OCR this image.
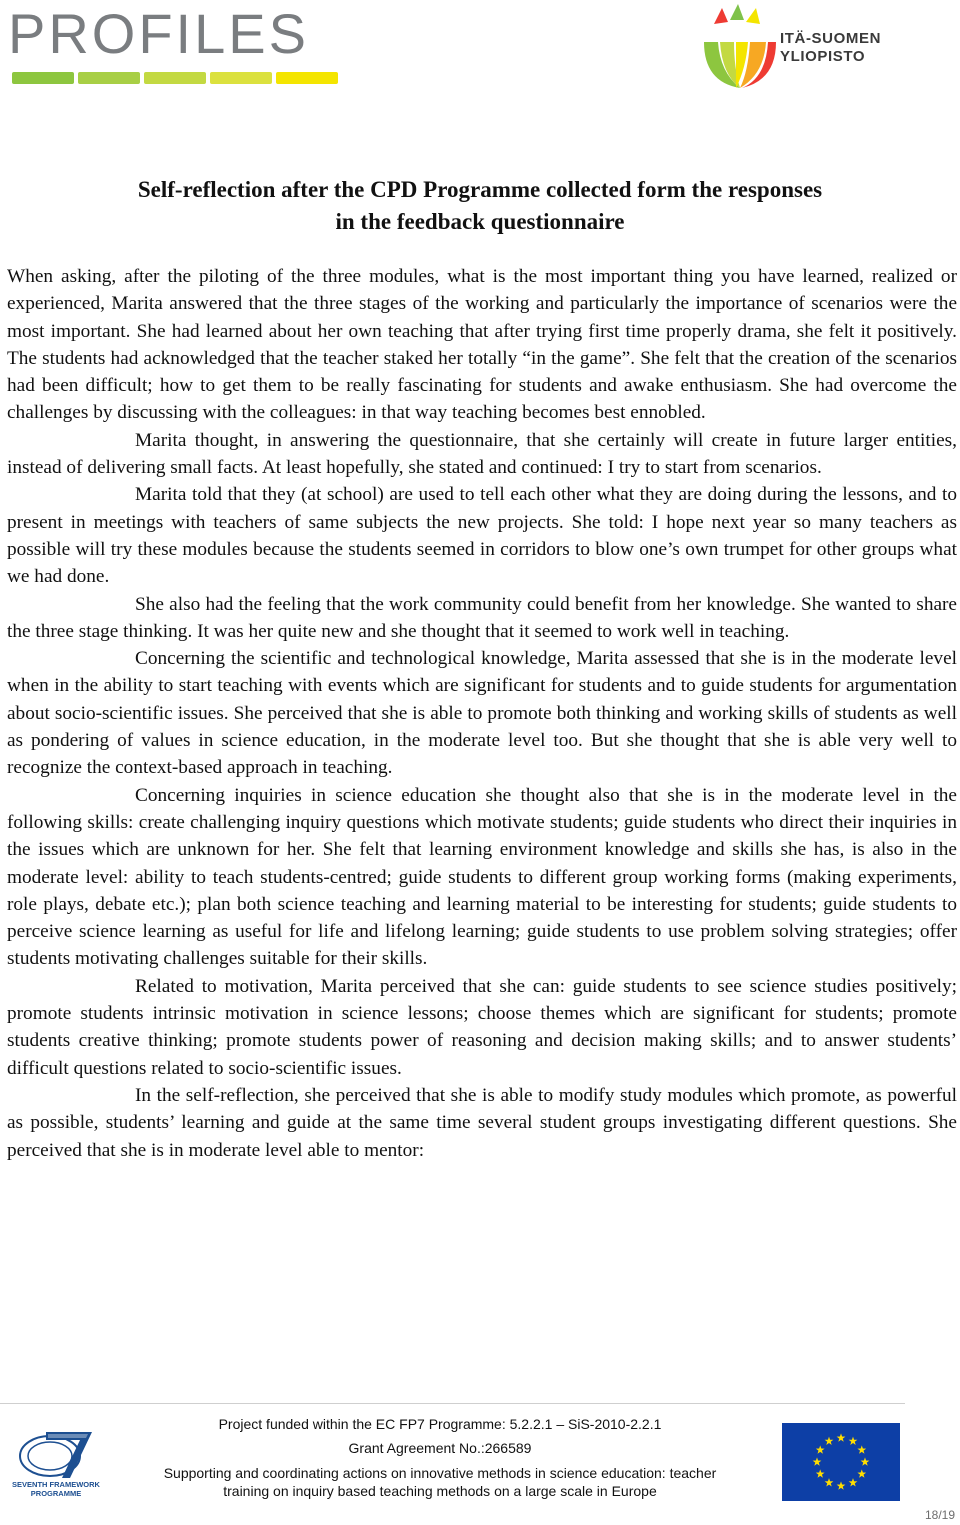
PROFILES	ITÄ-SUOMEN
YLIOPISTO
Self-reflection after the CPD Programme collected form the responses
in the feedback questionnaire

When asking, after the piloting of the three modules, what is the most important thing you have learned, realized or experienced, Marita answered that the three stages of the working and particularly the importance of scenarios were the most important. She had learned about her own teaching that after trying first time properly drama, she felt it positively. The students had acknowledged that the teacher staked her totally “in the game”. She felt that the creation of the scenarios had been difficult; how to get them to be really fascinating for students and awake enthusiasm. She had overcome the challenges by discussing with the colleagues: in that way teaching becomes best ennobled.

Marita thought, in answering the questionnaire, that she certainly will create in future larger entities, instead of delivering small facts. At least hopefully, she stated and continued: I try to start from scenarios.

Marita told that they (at school) are used to tell each other what they are doing during the lessons, and to present in meetings with teachers of same subjects the new projects. She told: I hope next year so many teachers as possible will try these modules because the students seemed in corridors to blow one’s own trumpet for other groups what we had done.

She also had the feeling that the work community could benefit from her knowledge. She wanted to share the three stage thinking. It was her quite new and she thought that it seemed to work well in teaching.

Concerning the scientific and technological knowledge, Marita assessed that she is in the moderate level when in the ability to start teaching with events which are significant for students and to guide students for argumentation about socio-scientific issues. She perceived that she is able to promote both thinking and working skills of students as well as pondering of values in science education, in the moderate level too. But she thought that she is able very well to recognize the context-based approach in teaching.

Concerning inquiries in science education she thought also that she is in the moderate level in the following skills: create challenging inquiry questions which motivate students; guide students who direct their inquiries in the issues which are unknown for her. She felt that learning environment knowledge and skills she has, is also in the moderate level: ability to teach students-centred; guide students to different group working forms (making experiments, role plays, debate etc.); plan both science teaching and learning material to be interesting for students; guide students to perceive science learning as useful for life and lifelong learning; guide students to use problem solving strategies; offer students motivating challenges suitable for their skills.

Related to motivation, Marita perceived that she can: guide students to see science studies positively; promote students intrinsic motivation in science lessons; choose themes which are significant for students; promote students creative thinking; promote students power of reasoning and decision making skills; and to answer students’ difficult questions related to socio-scientific issues.

In the self-reflection, she perceived that she is able to modify study modules which promote, as powerful as possible, students’ learning and guide at the same time several student groups investigating different questions. She perceived that she is in moderate level able to mentor:

SEVENTH FRAMEWORK
PROGRAMME
Project funded within the EC FP7 Programme: 5.2.2.1 – SiS-2010-2.2.1
Grant Agreement No.:266589
Supporting and coordinating actions on innovative methods in science education: teacher
training on inquiry based teaching methods on a large scale in Europe
18/19
